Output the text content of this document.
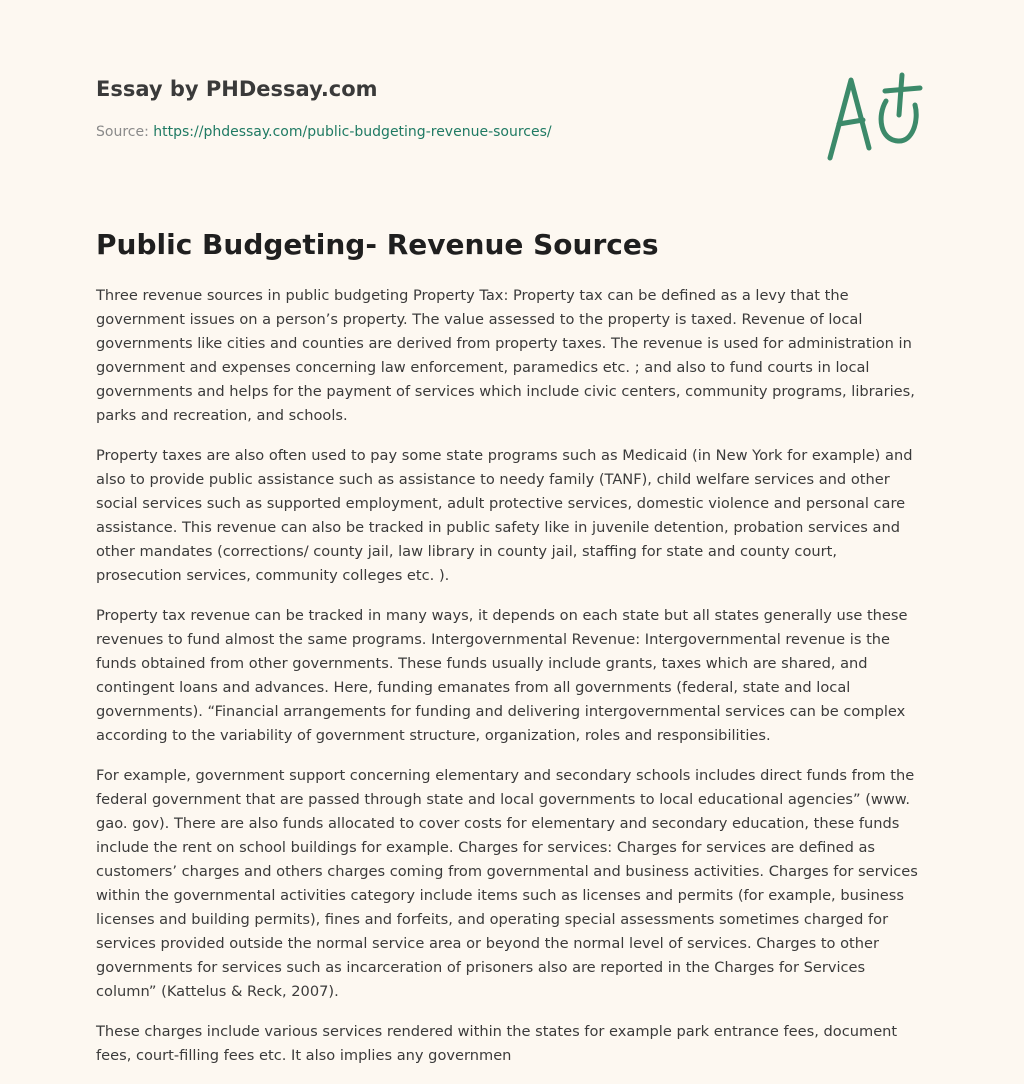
Essay by PHDessay.com
Source: https://phdessay.com/public-budgeting-revenue-sources/
Public Budgeting- Revenue Sources

Three revenue sources in public budgeting Property Tax: Property tax can be defined as a levy that the government issues on a person’s property. The value assessed to the property is taxed. Revenue of local governments like cities and counties are derived from property taxes. The revenue is used for administration in government and expenses concerning law enforcement, paramedics etc. ; and also to fund courts in local governments and helps for the payment of services which include civic centers, community programs, libraries, parks and recreation, and schools.

Property taxes are also often used to pay some state programs such as Medicaid (in New York for example) and also to provide public assistance such as assistance to needy family (TANF), child welfare services and other social services such as supported employment, adult protective services, domestic violence and personal care assistance. This revenue can also be tracked in public safety like in juvenile detention, probation services and other mandates (corrections/ county jail, law library in county jail, staffing for state and county court, prosecution services, community colleges etc. ).

Property tax revenue can be tracked in many ways, it depends on each state but all states generally use these revenues to fund almost the same programs. Intergovernmental Revenue: Intergovernmental revenue is the funds obtained from other governments. These funds usually include grants, taxes which are shared, and contingent loans and advances. Here, funding emanates from all governments (federal, state and local governments). “Financial arrangements for funding and delivering intergovernmental services can be complex according to the variability of government structure, organization, roles and responsibilities.

For example, government support concerning elementary and secondary schools includes direct funds from the federal government that are passed through state and local governments to local educational agencies” (www. gao. gov). There are also funds allocated to cover costs for elementary and secondary education, these funds include the rent on school buildings for example. Charges for services: Charges for services are defined as customers’ charges and others charges coming from governmental and business activities. Charges for services within the governmental activities category include items such as licenses and permits (for example, business licenses and building permits), fines and forfeits, and operating special assessments sometimes charged for services provided outside the normal service area or beyond the normal level of services. Charges to other governments for services such as incarceration of prisoners also are reported in the Charges for Services column” (Kattelus & Reck, 2007).

These charges include various services rendered within the states for example park entrance fees, document fees, court-filling fees etc. It also implies any governmen
